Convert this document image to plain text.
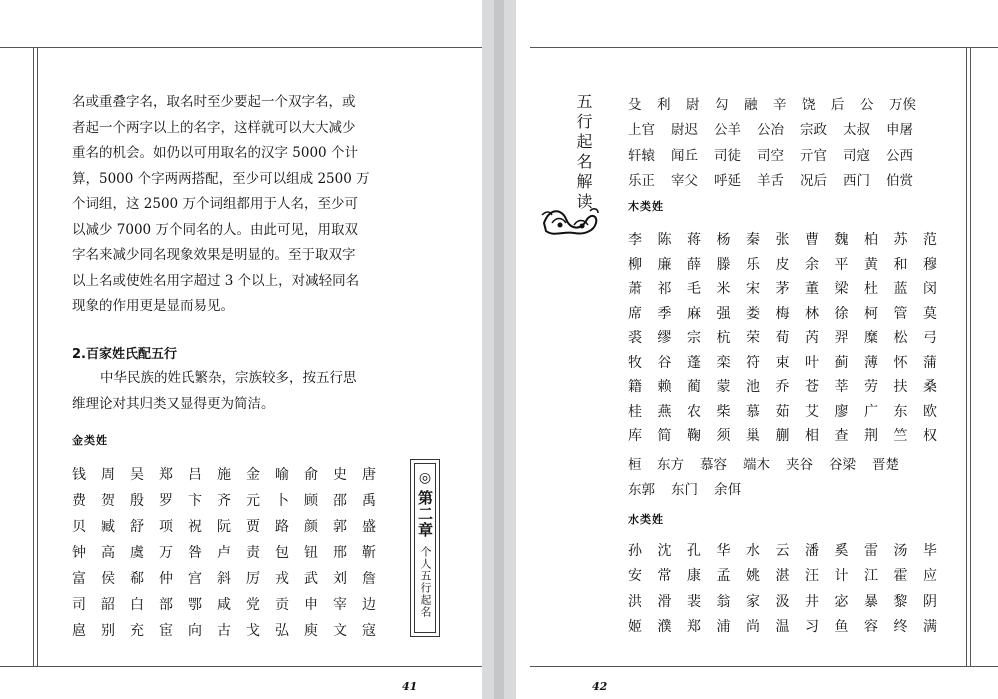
名或重叠字名，取名时至少要起一个双字名，或

者起一个两字以上的名字，这样就可以大大减少

重名的机会。如仍以可用取名的汉字 5000 个计

算，5000 个字两两搭配，至少可以组成 2500 万

个词组，这 2500 万个词组都用于人名，至少可

以减少 7000 万个同名的人。由此可见，用取双

字名来减少同名现象效果是明显的。至于取双字

以上名或使姓名用字超过 3 个以上，对减轻同名

现象的作用更是显而易见。

2.百家姓氏配五行

中华民族的姓氏繁杂，宗族较多，按五行思

维理论对其归类又显得更为简洁。

金类姓
钱	周	吴	郑	吕	施	金	喻	俞	史	唐
费	贺	殷	罗	卞	齐	元	卜	顾	邵	禹
贝	臧	舒	项	祝	阮	贾	路	颜	郭	盛
钟	高	虞	万	咎	卢	责	包	钮	邢	靳
富	侯	郗	仲	宫	斜	厉	戎	武	刘	詹
司	韶	白	部	鄂	咸	党	贡	申	宰	边
扈	别	充	宦	向	古	戈	弘	庾	文	寇
◎
第二章
个人五行起名
41
五行起名解读	殳	利	尉	勾	融	辛	饶	后	公	万俟
上官	尉迟	公羊	公冶	宗政	太叔	申屠
轩辕	闻丘	司徒	司空	亓官	司寇	公西
乐正	宰父	呼延	羊舌	况后	西门	伯赏
木类姓
李	陈	蒋	杨	秦	张	曹	魏	柏	苏	范
柳	廉	薛	滕	乐	皮	余	平	黄	和	穆
萧	祁	毛	米	宋	茅	董	梁	杜	蓝	闵
席	季	麻	强	娄	梅	林	徐	柯	管	莫
裘	缪	宗	杭	荣	荀	芮	羿	糜	松	弓
牧	谷	蓬	栾	符	束	叶	蓟	薄	怀	蒲
籍	赖	蔺	蒙	池	乔	苍	莘	劳	扶	桑
桂	燕	农	柴	慕	茹	艾	廖	广	东	欧
库	简	鞠	须	巢	蒯	相	查	荆	竺	权
桓	东方	慕容	端木	夹谷	谷梁	晋楚
东郭	东门	余佴
水类姓
孙	沈	孔	华	水	云	潘	奚	雷	汤	毕
安	常	康	孟	姚	湛	汪	计	江	霍	应
洪	滑	裴	翁	家	汲	井	宓	暴	黎	阴
姬	濮	郑	浦	尚	温	习	鱼	容	终	满
42
